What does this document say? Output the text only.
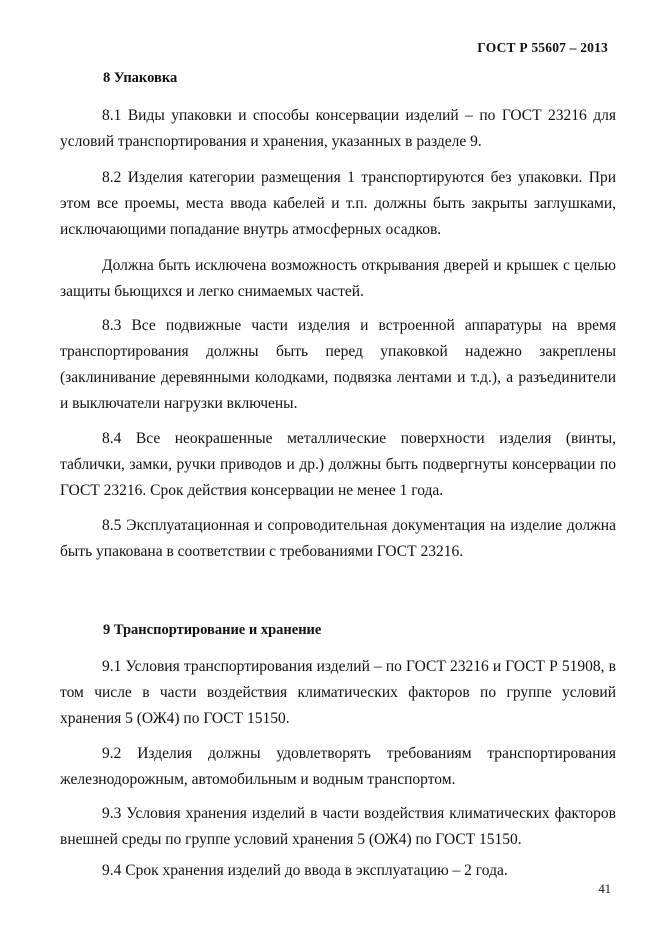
ГОСТ Р 55607 – 2013
8 Упаковка

8.1 Виды упаковки и способы консервации изделий – по ГОСТ 23216 для условий транспортирования и хранения, указанных в разделе 9.

8.2 Изделия категории размещения 1 транспортируются без упаковки. При этом все проемы, места ввода кабелей и т.п. должны быть закрыты заглушками, исключающими попадание внутрь атмосферных осадков.

Должна быть исключена возможность открывания дверей и крышек с целью защиты бьющихся и легко снимаемых частей.

8.3 Все подвижные части изделия и встроенной аппаратуры на время транспортирования должны быть перед упаковкой надежно закреплены (заклинивание деревянными колодками, подвязка лентами и т.д.), а разъединители и выключатели нагрузки включены.

8.4 Все неокрашенные металлические поверхности изделия (винты, таблички, замки, ручки приводов и др.) должны быть подвергнуты консервации по ГОСТ 23216. Срок действия консервации не менее 1 года.

8.5 Эксплуатационная и сопроводительная документация на изделие должна быть упакована в соответствии с требованиями ГОСТ 23216.

9 Транспортирование и хранение

9.1 Условия транспортирования изделий – по ГОСТ 23216 и ГОСТ Р 51908, в том числе в части воздействия климатических факторов по группе условий хранения 5 (ОЖ4) по ГОСТ 15150.

9.2 Изделия должны удовлетворять требованиям транспортирования железнодорожным, автомобильным и водным транспортом.

9.3 Условия хранения изделий в части воздействия климатических факторов внешней среды по группе условий хранения 5 (ОЖ4) по ГОСТ 15150.

9.4 Срок хранения изделий до ввода в эксплуатацию – 2 года.

41
